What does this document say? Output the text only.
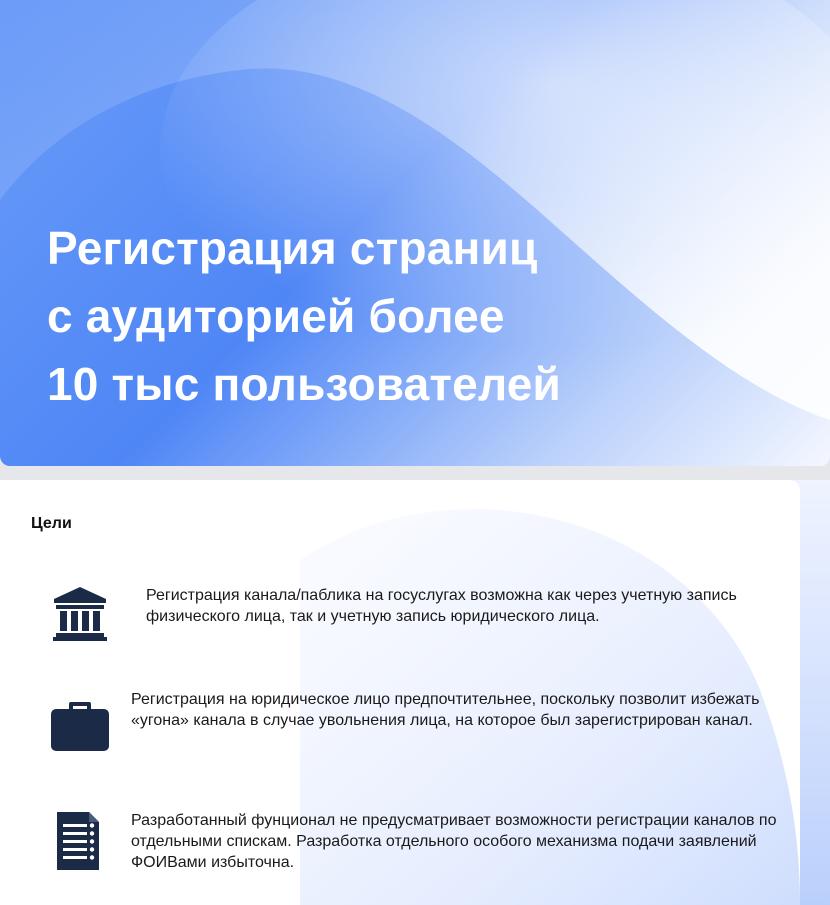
Регистрация страниц
с аудиторией более
10 тыс пользователей
Цели

Регистрация канала/паблика на госуслугах возможна как через учетную запись физического лица, так и учетную запись юридического лица.

Регистрация на юридическое лицо предпочтительнее, поскольку позволит избежать «угона» канала в случае увольнения лица, на которое был зарегистрирован канал.

Разработанный фунционал не предусматривает возможности регистрации каналов по отдельными спискам. Разработка отдельного особого механизма подачи заявлений ФОИВами избыточна.
